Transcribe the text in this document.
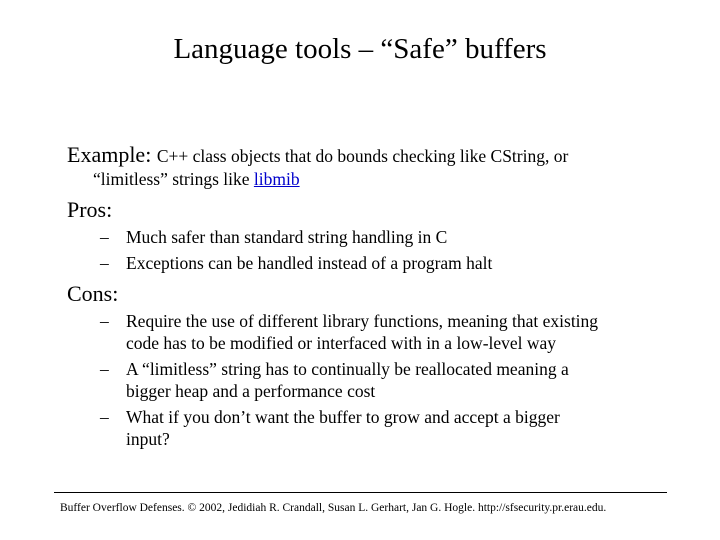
Language tools – “Safe” buffers
Example: C++ class objects that do bounds checking like CString, or
“limitless” strings like libmib
Pros:
– Much safer than standard string handling in C
– Exceptions can be handled instead of a program halt
Cons:
– Require the use of different library functions, meaning that existing
code has to be modified or interfaced with in a low-level way
– A “limitless” string has to continually be reallocated meaning a
bigger heap and a performance cost
– What if you don’t want the buffer to grow and accept a bigger
input?
Buffer Overflow Defenses. © 2002, Jedidiah R. Crandall, Susan L. Gerhart, Jan G. Hogle. http://sfsecurity.pr.erau.edu.
